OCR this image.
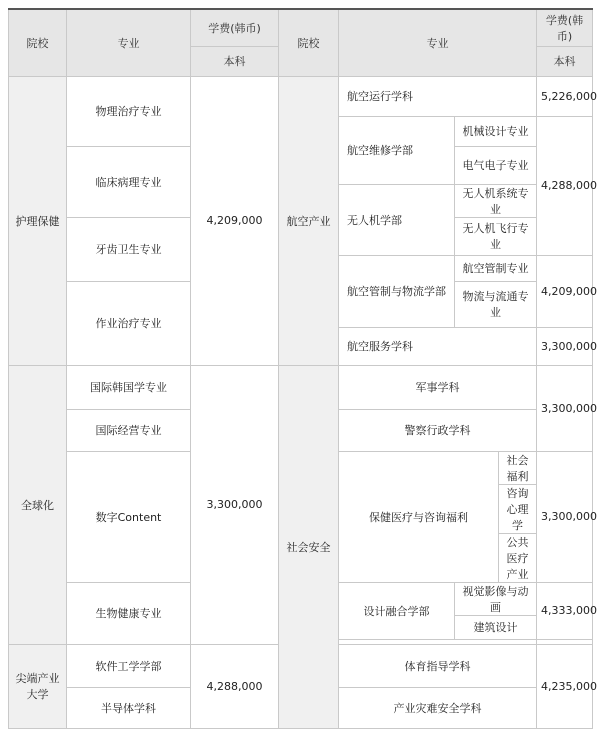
院校	专业	学费(韩币)	院校	专业			学费(韩币)
		本科					本科
护理保健	物理治疗专业	4,209,000	航空产业	航空运行学科			5,226,000
				航空维修学部	机械设计专业		4,288,000
	临床病理专业				电气电子专业		
				无人机学部	无人机系统专业		
	牙齿卫生专业				无人机飞行专业		
				航空管制与物流学部	航空管制专业		4,209,000
	作业治疗专业				物流与流通专业		
				航空服务学科			3,300,000
全球化	国际韩国学专业	3,300,000	社会安全	军事学科			3,300,000
	国际经营专业			警察行政学科			
	数字Content			保健医疗与咨询福利		社会福利	3,300,000
						咨询心理学	
						公共医疗产业	
	生物健康专业			设计融合学部	视觉影像与动画		4,333,000
					建筑设计		

尖端产业大学	软件工学学部	4,288,000		体育指导学科			4,235,000
	半导体学科			产业灾难安全学科			
